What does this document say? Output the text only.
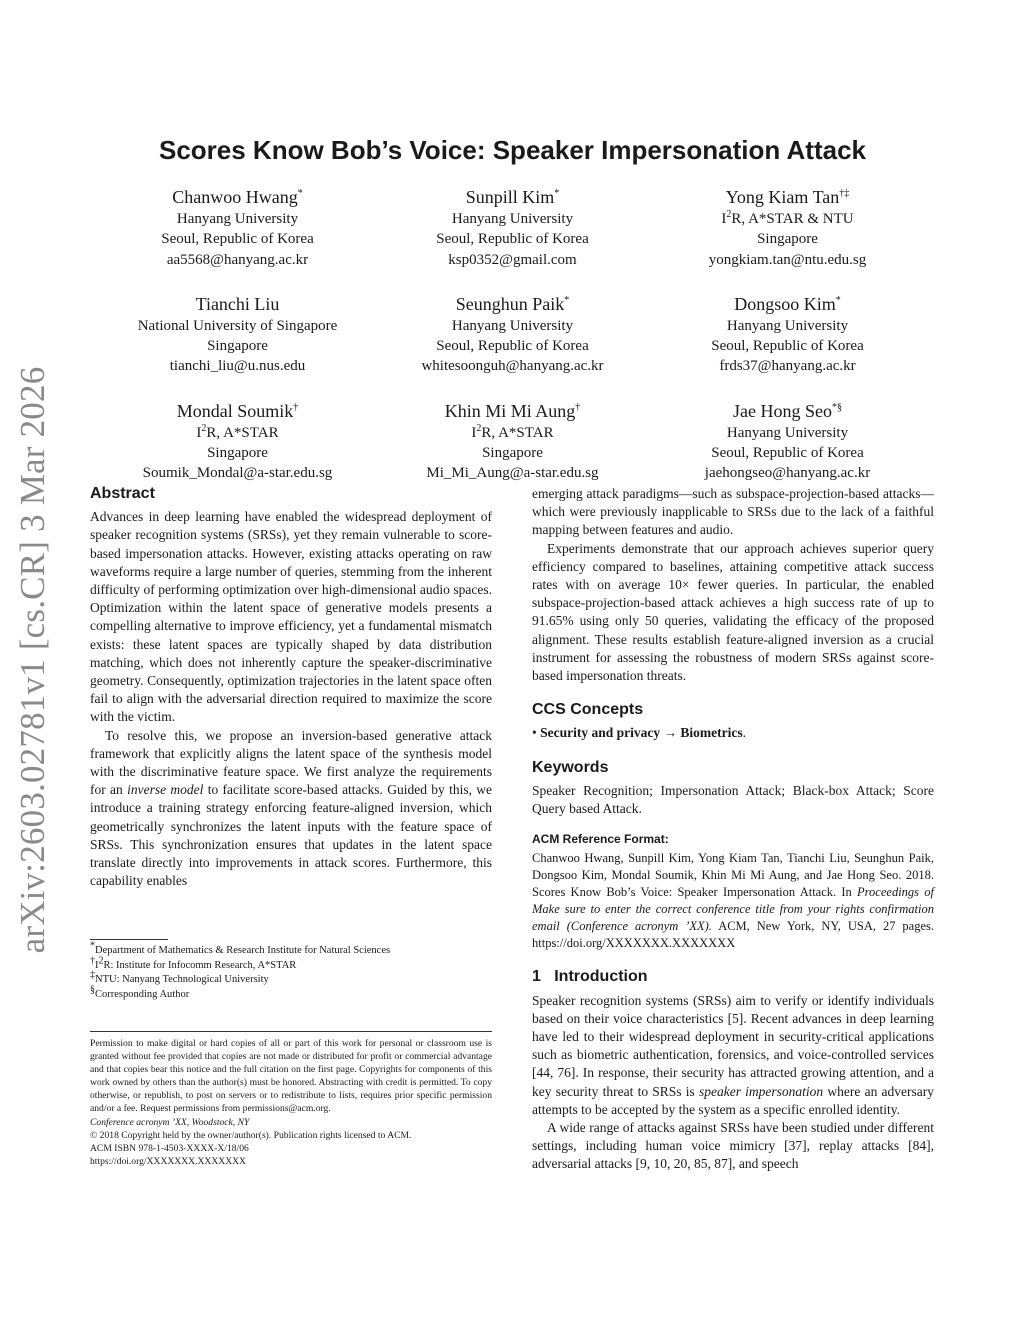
arXiv:2603.02781v1 [cs.CR] 3 Mar 2026
Scores Know Bob’s Voice: Speaker Impersonation Attack
Chanwoo Hwang*
Hanyang University
Seoul, Republic of Korea
aa5568@hanyang.ac.kr
Sunpill Kim*
Hanyang University
Seoul, Republic of Korea
ksp0352@gmail.com
Yong Kiam Tan†‡
$I^2R$, A*STAR & NTU
Singapore
yongkiam.tan@ntu.edu.sg
Tianchi Liu
National University of Singapore
Singapore
tianchi_liu@u.nus.edu
Seunghun Paik*
Hanyang University
Seoul, Republic of Korea
whitesoonguh@hanyang.ac.kr
Dongsoo Kim*
Hanyang University
Seoul, Republic of Korea
frds37@hanyang.ac.kr
Mondal Soumik†
$I^2R$, A*STAR
Singapore
Soumik_Mondal@a-star.edu.sg
Khin Mi Mi Aung†
$I^2R$, A*STAR
Singapore
Mi_Mi_Aung@a-star.edu.sg
Jae Hong Seo*§
Hanyang University
Seoul, Republic of Korea
jaehongseo@hanyang.ac.kr
Abstract

Advances in deep learning have enabled the widespread deployment of speaker recognition systems (SRSs), yet they remain vulnerable to score-based impersonation attacks. However, existing attacks operating on raw waveforms require a large number of queries, stemming from the inherent difficulty of performing optimization over high-dimensional audio spaces. Optimization within the latent space of generative models presents a compelling alternative to improve efficiency, yet a fundamental mismatch exists: these latent spaces are typically shaped by data distribution matching, which does not inherently capture the speaker-discriminative geometry. Consequently, optimization trajectories in the latent space often fail to align with the adversarial direction required to maximize the score with the victim.

To resolve this, we propose an inversion-based generative attack framework that explicitly aligns the latent space of the synthesis model with the discriminative feature space. We first analyze the requirements for an inverse model to facilitate score-based attacks. Guided by this, we introduce a training strategy enforcing feature-aligned inversion, which geometrically synchronizes the latent inputs with the feature space of SRSs. This synchronization ensures that updates in the latent space translate directly into improvements in attack scores. Furthermore, this capability enables

*Department of Mathematics & Research Institute for Natural Sciences
$^\dagger I^2R$: Institute for Infocomm Research, A*STAR
‡NTU: Nanyang Technological University
§Corresponding Author
Permission to make digital or hard copies of all or part of this work for personal or classroom use is granted without fee provided that copies are not made or distributed for profit or commercial advantage and that copies bear this notice and the full citation on the first page. Copyrights for components of this work owned by others than the author(s) must be honored. Abstracting with credit is permitted. To copy otherwise, or republish, to post on servers or to redistribute to lists, requires prior specific permission and/or a fee. Request permissions from permissions@acm.org.
Conference acronym ’XX, Woodstock, NY
© 2018 Copyright held by the owner/author(s). Publication rights licensed to ACM.
ACM ISBN 978-1-4503-XXXX-X/18/06
https://doi.org/XXXXXXX.XXXXXXX

emerging attack paradigms—such as subspace-projection-based attacks—which were previously inapplicable to SRSs due to the lack of a faithful mapping between features and audio.

Experiments demonstrate that our approach achieves superior query efficiency compared to baselines, attaining competitive attack success rates with on average 10× fewer queries. In particular, the enabled subspace-projection-based attack achieves a high success rate of up to 91.65% using only 50 queries, validating the efficacy of the proposed alignment. These results establish feature-aligned inversion as a crucial instrument for assessing the robustness of modern SRSs against score-based impersonation threats.

CCS Concepts
• Security and privacy → Biometrics.
Keywords

Speaker Recognition; Impersonation Attack; Black-box Attack; Score Query based Attack.

ACM Reference Format:
Chanwoo Hwang, Sunpill Kim, Yong Kiam Tan, Tianchi Liu, Seunghun Paik, Dongsoo Kim, Mondal Soumik, Khin Mi Mi Aung, and Jae Hong Seo. 2018. Scores Know Bob’s Voice: Speaker Impersonation Attack. In Proceedings of Make sure to enter the correct conference title from your rights confirmation email (Conference acronym ’XX). ACM, New York, NY, USA, 27 pages. https://doi.org/XXXXXXX.XXXXXXX
1   Introduction

Speaker recognition systems (SRSs) aim to verify or identify individuals based on their voice characteristics [5]. Recent advances in deep learning have led to their widespread deployment in security-critical applications such as biometric authentication, forensics, and voice-controlled services [44, 76]. In response, their security has attracted growing attention, and a key security threat to SRSs is speaker impersonation where an adversary attempts to be accepted by the system as a specific enrolled identity.

A wide range of attacks against SRSs have been studied under different settings, including human voice mimicry [37], replay attacks [84], adversarial attacks [9, 10, 20, 85, 87], and speech
